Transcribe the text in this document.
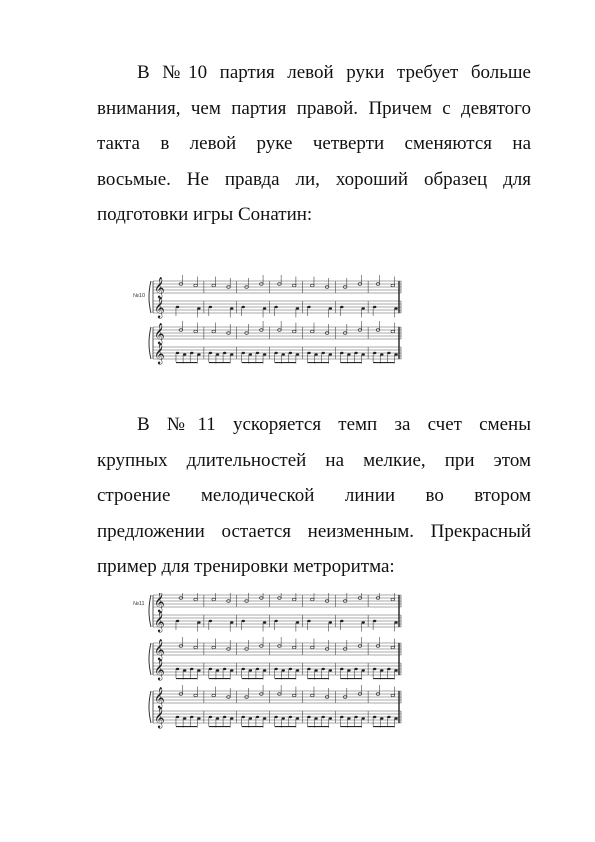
В №10 партия левой руки требует больше
внимания, чем партия правой. Причем с девятого
такта в левой руке четверти сменяются на
восьмые. Не правда ли, хороший образец для
подготовки игры Сонатин:
№10 𝄞
𝄞
𝄞
𝄞
В №11 ускоряется темп за счет смены
крупных длительностей на мелкие, при этом
строение мелодической линии во втором
предложении остается неизменным. Прекрасный
пример для тренировки метроритма:
№11 𝄞
𝄞
𝄞
𝄞
𝄞
𝄞
